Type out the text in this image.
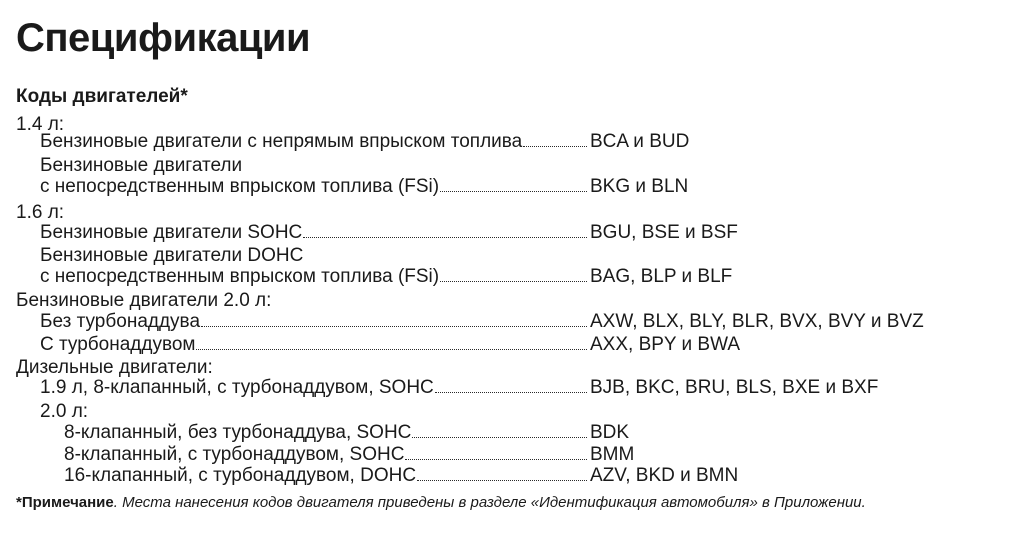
Спецификации
Коды двигателей*
1.4 л:
Бензиновые двигатели с непрямым впрыском топлива	BCA и BUD
Бензиновые двигатели
с непосредственным впрыском топлива (FSi)	BKG и BLN
1.6 л:
Бензиновые двигатели SOHC	BGU, BSE и BSF
Бензиновые двигатели DOHC
с непосредственным впрыском топлива (FSi)	BAG, BLP и BLF
Бензиновые двигатели 2.0 л:
Без турбонаддува	AXW, BLX, BLY, BLR, BVX, BVY и BVZ
С турбонаддувом	AXX, BPY и BWA
Дизельные двигатели:
1.9 л, 8-клапанный, с турбонаддувом, SOHC	BJB, BKC, BRU, BLS, BXE и BXF
2.0 л:
8-клапанный, без турбонаддува, SOHC	BDK
8-клапанный, с турбонаддувом, SOHC	BMM
16-клапанный, с турбонаддувом, DOHC	AZV, BKD и BMN
*Примечание. Места нанесения кодов двигателя приведены в разделе «Идентификация автомобиля» в Приложении.
